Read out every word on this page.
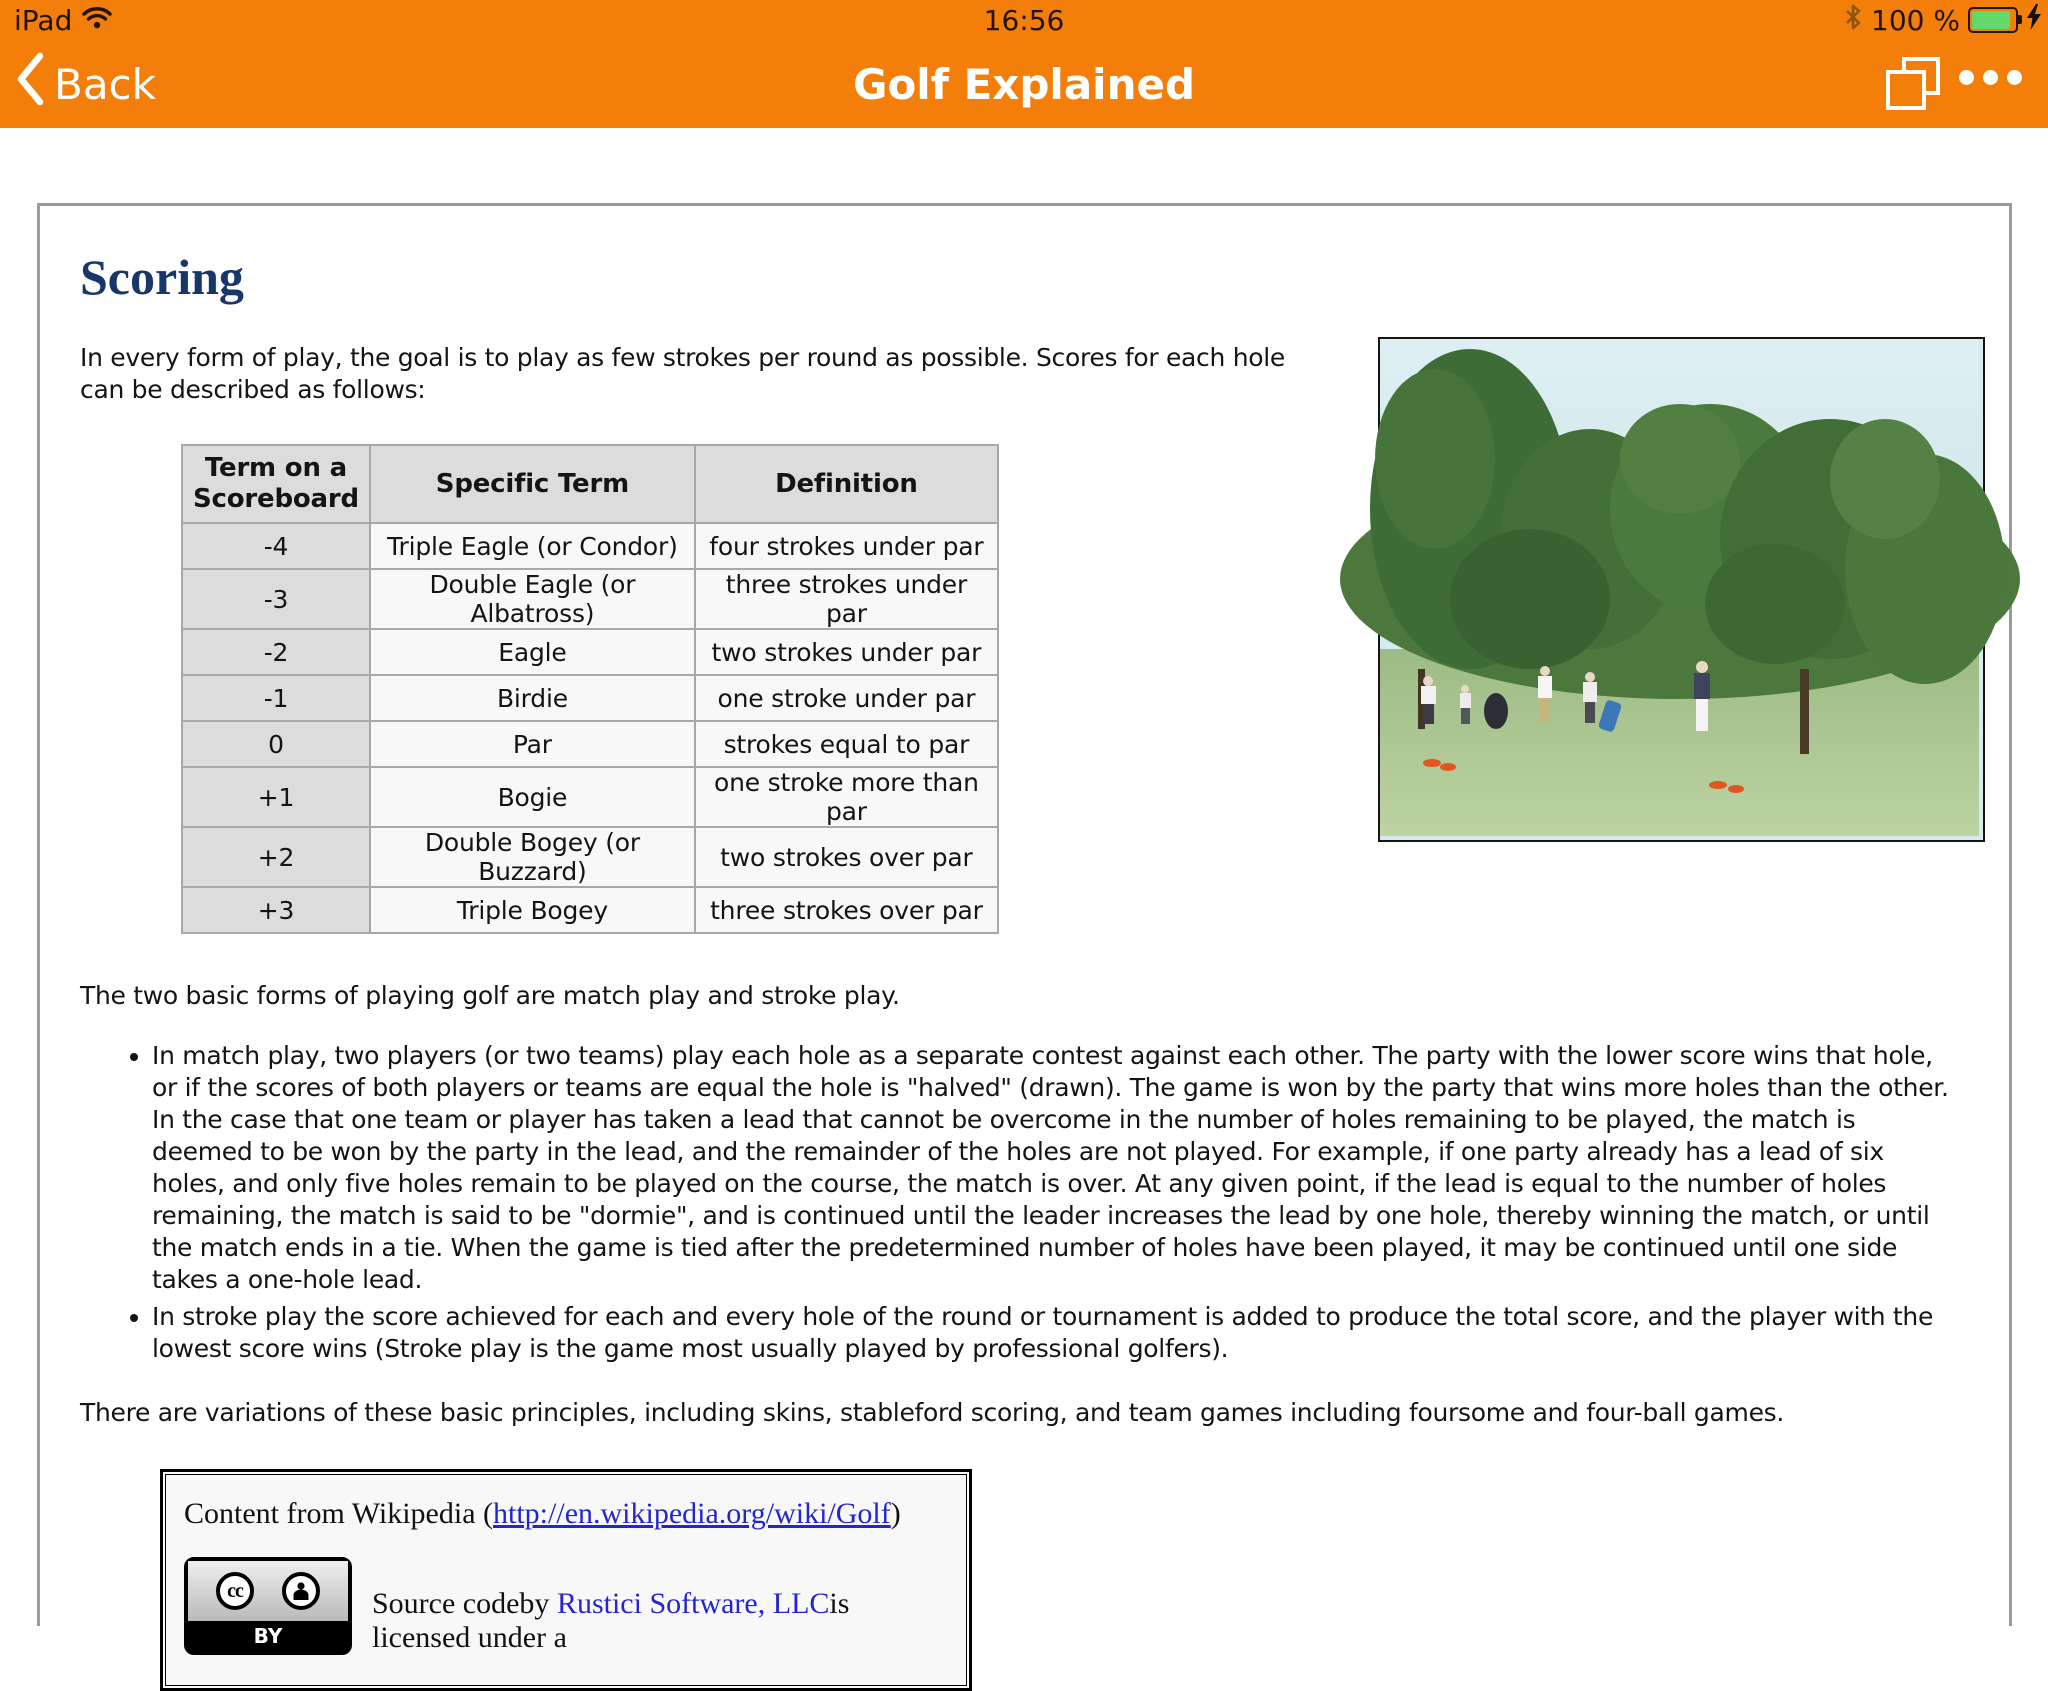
iPad	16:56	100 %
Back	Golf Explained
Scoring

In every form of play, the goal is to play as few strokes per round as possible. Scores for each hole can be described as follows:

Term on a Scoreboard	Specific Term	Definition
-4	Triple Eagle (or Condor)	four strokes under par
-3	Double Eagle (or Albatross)	three strokes under par
-2	Eagle	two strokes under par
-1	Birdie	one stroke under par
0	Par	strokes equal to par
+1	Bogie	one stroke more than par
+2	Double Bogey (or Buzzard)	two strokes over par
+3	Triple Bogey	three strokes over par

The two basic forms of playing golf are match play and stroke play.

• In match play, two players (or two teams) play each hole as a separate contest against each other. The party with the lower score wins that hole, or if the scores of both players or teams are equal the hole is "halved" (drawn). The game is won by the party that wins more holes than the other. In the case that one team or player has taken a lead that cannot be overcome in the number of holes remaining to be played, the match is deemed to be won by the party in the lead, and the remainder of the holes are not played. For example, if one party already has a lead of six holes, and only five holes remain to be played on the course, the match is over. At any given point, if the lead is equal to the number of holes remaining, the match is said to be "dormie", and is continued until the leader increases the lead by one hole, thereby winning the match, or until the match ends in a tie. When the game is tied after the predetermined number of holes have been played, it may be continued until one side takes a one-hole lead.
• In stroke play the score achieved for each and every hole of the round or tournament is added to produce the total score, and the player with the lowest score wins (Stroke play is the game most usually played by professional golfers).

There are variations of these basic principles, including skins, stableford scoring, and team games including foursome and four-ball games.

Content from Wikipedia (http://en.wikipedia.org/wiki/Golf)
cc
BY
Source codeby Rustici Software, LLCis licensed under a
